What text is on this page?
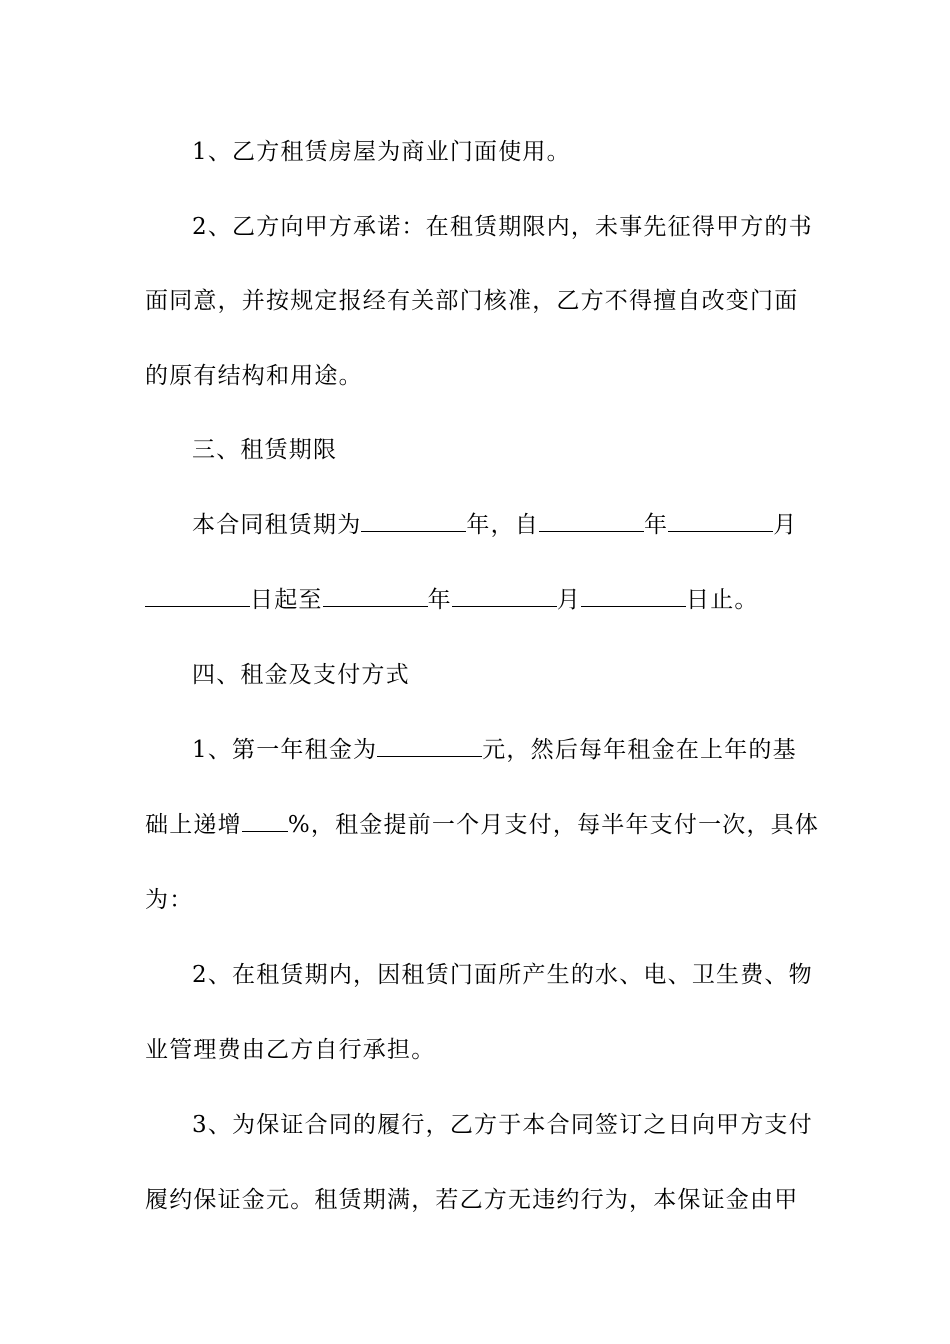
1、乙方租赁房屋为商业门面使用。
2、乙方向甲方承诺：在租赁期限内，未事先征得甲方的书
面同意，并按规定报经有关部门核准，乙方不得擅自改变门面
的原有结构和用途。
三、租赁期限
本合同租赁期为	年，自	年	月
日起至	年	月	日止。
四、租金及支付方式
1、第一年租金为	元，然后每年租金在上年的基
础上递增 %，租金提前一个月支付，每半年支付一次，具体
为：
2、在租赁期内，因租赁门面所产生的水、电、卫生费、物
业管理费由乙方自行承担。
3、为保证合同的履行，乙方于本合同签订之日向甲方支付
履约保证金元。租赁期满，若乙方无违约行为，本保证金由甲
